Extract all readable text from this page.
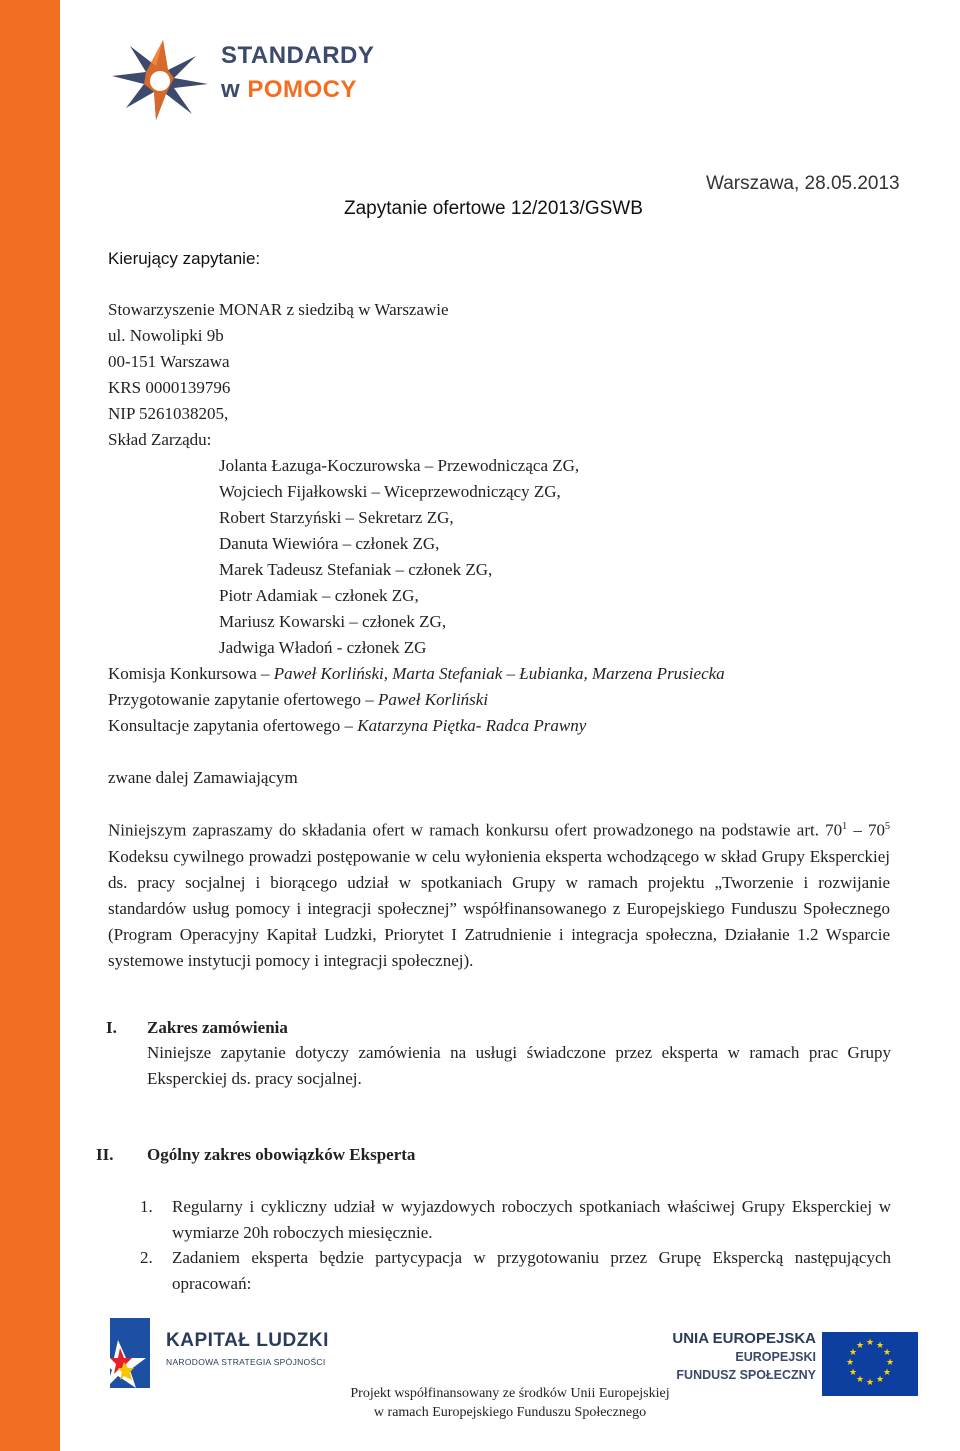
STANDARDY
w POMOCY
Warszawa, 28.05.2013
Zapytanie ofertowe 12/2013/GSWB
Kierujący zapytanie:
Stowarzyszenie MONAR z siedzibą w Warszawie
ul. Nowolipki 9b
00-151 Warszawa
KRS 0000139796
NIP 5261038205,
Skład Zarządu:
Jolanta Łazuga-Koczurowska – Przewodnicząca ZG,
Wojciech Fijałkowski – Wiceprzewodniczący ZG,
Robert Starzyński – Sekretarz ZG,
Danuta Wiewióra – członek ZG,
Marek Tadeusz Stefaniak – członek ZG,
Piotr Adamiak – członek ZG,
Mariusz Kowarski – członek ZG,
Jadwiga Władoń - członek ZG
Komisja Konkursowa – Paweł Korliński, Marta Stefaniak – Łubianka, Marzena Prusiecka
Przygotowanie zapytanie ofertowego – Paweł Korliński
Konsultacje zapytania ofertowego – Katarzyna Piętka- Radca Prawny
zwane dalej Zamawiającym
Niniejszym zapraszamy do składania ofert w ramach konkursu ofert prowadzonego na podstawie art. $70^1 - 70^5$ Kodeksu cywilnego prowadzi postępowanie w celu wyłonienia eksperta wchodzącego w skład Grupy Eksperckiej ds. pracy socjalnej i biorącego udział w spotkaniach Grupy w ramach projektu „Tworzenie i rozwijanie standardów usług pomocy i integracji społecznej” współfinansowanego z Europejskiego Funduszu Społecznego (Program Operacyjny Kapitał Ludzki, Priorytet I Zatrudnienie i integracja społeczna, Działanie 1.2 Wsparcie systemowe instytucji pomocy i integracji społecznej).
I. Zakres zamówienia
Niniejsze zapytanie dotyczy zamówienia na usługi świadczone przez eksperta w ramach prac Grupy Eksperckiej ds. pracy socjalnej.
II. Ogólny zakres obowiązków Eksperta
1. Regularny i cykliczny udział w wyjazdowych roboczych spotkaniach właściwej Grupy Eksperckiej w wymiarze 20h roboczych miesięcznie.
2. Zadaniem eksperta będzie partycypacja w przygotowaniu przez Grupę Ekspercką następujących opracowań:
KAPITAŁ LUDZKI
NARODOWA STRATEGIA SPÓJNOŚCI
UNIA EUROPEJSKA
EUROPEJSKI
FUNDUSZ SPOŁECZNY
★ ★
★
★
★
★
★
★
★
★
★
★
Projekt współfinansowany ze środków Unii Europejskiej
w ramach Europejskiego Funduszu Społecznego
